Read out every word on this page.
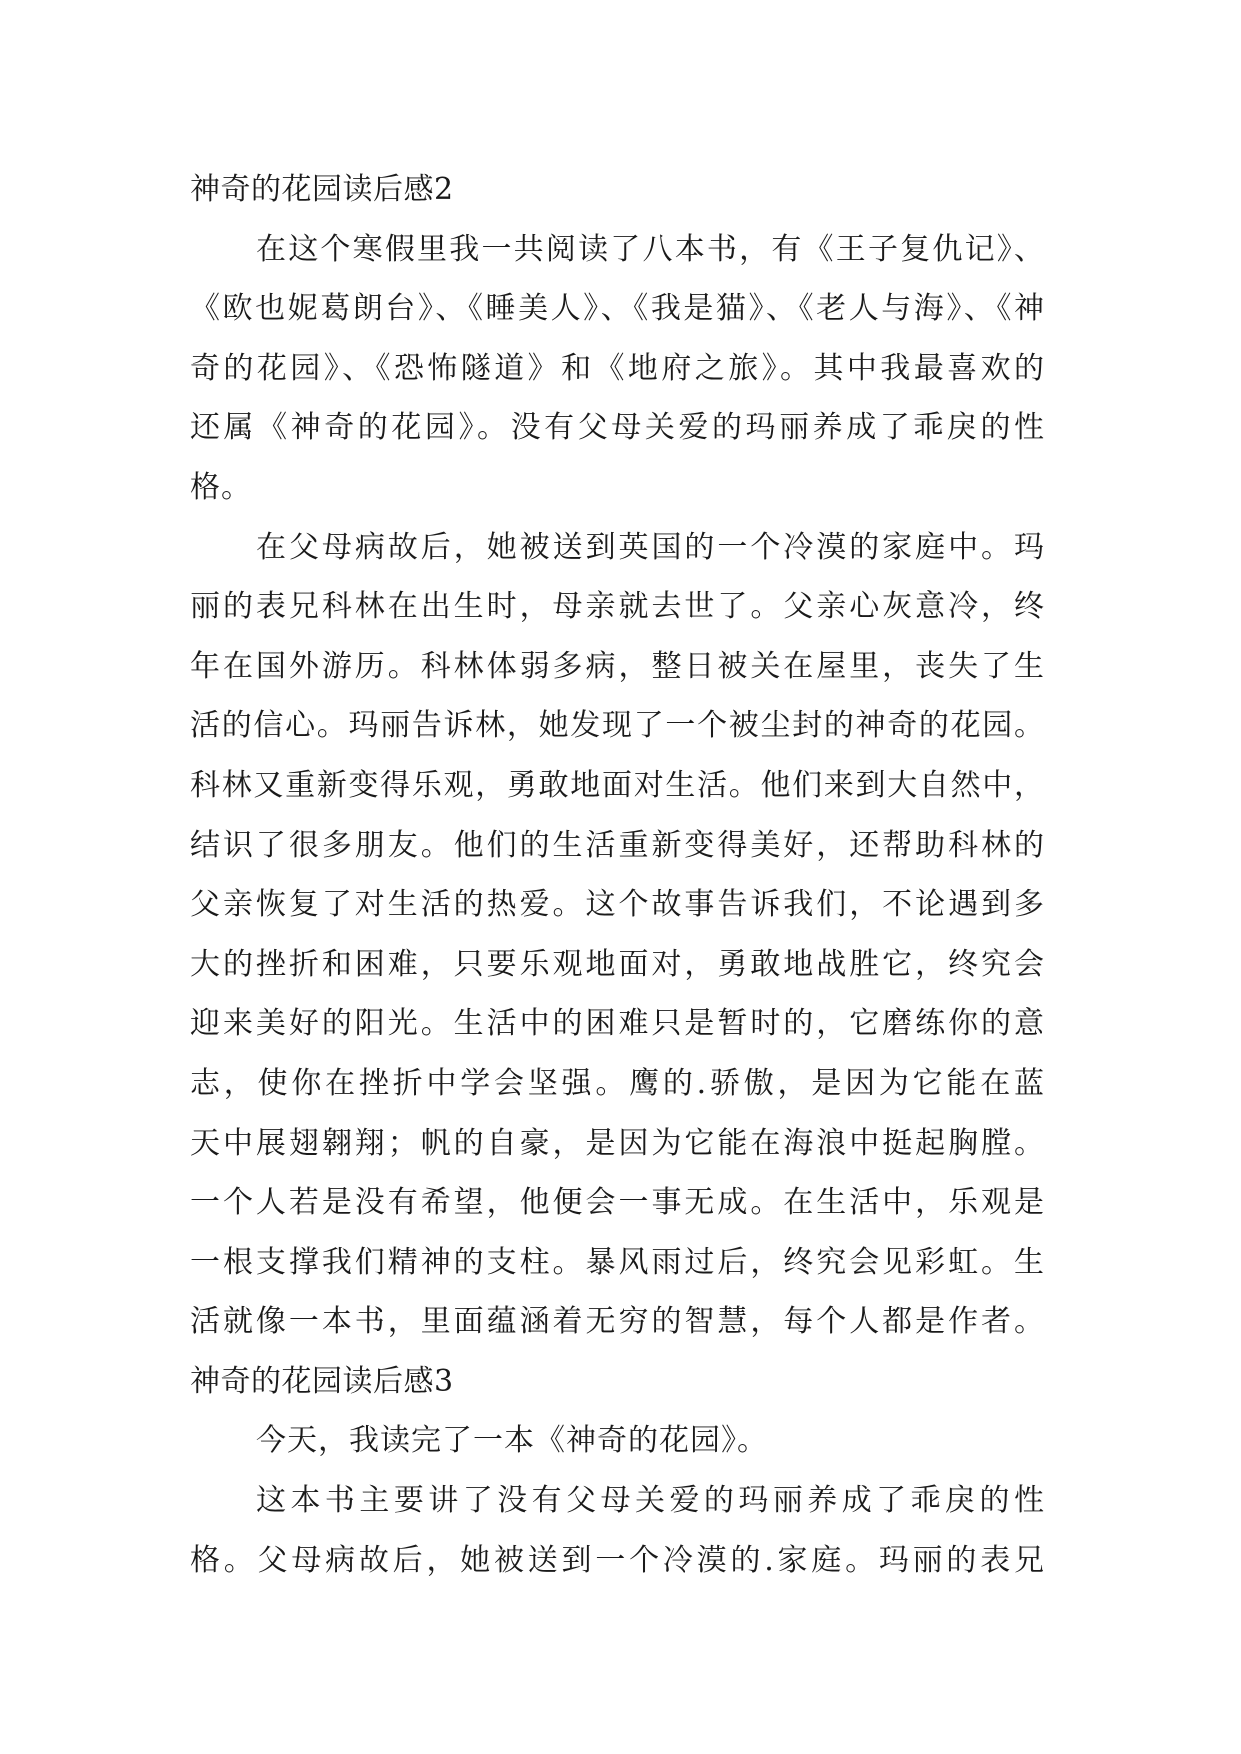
神奇的花园读后感2
在这个寒假里我一共阅读了八本书，有《王子复仇记》、
《欧也妮葛朗台》、《睡美人》、《我是猫》、《老人与海》、《神
奇的花园》、《恐怖隧道》和《地府之旅》。其中我最喜欢的
还属《神奇的花园》。没有父母关爱的玛丽养成了乖戾的性
格。
在父母病故后，她被送到英国的一个冷漠的家庭中。玛
丽的表兄科林在出生时，母亲就去世了。父亲心灰意冷，终
年在国外游历。科林体弱多病，整日被关在屋里，丧失了生
活的信心。玛丽告诉林，她发现了一个被尘封的神奇的花园。
科林又重新变得乐观，勇敢地面对生活。他们来到大自然中，
结识了很多朋友。他们的生活重新变得美好，还帮助科林的
父亲恢复了对生活的热爱。这个故事告诉我们，不论遇到多
大的挫折和困难，只要乐观地面对，勇敢地战胜它，终究会
迎来美好的阳光。生活中的困难只是暂时的，它磨练你的意
志，使你在挫折中学会坚强。鹰的.骄傲，是因为它能在蓝
天中展翅翱翔；帆的自豪，是因为它能在海浪中挺起胸膛。
一个人若是没有希望，他便会一事无成。在生活中，乐观是
一根支撑我们精神的支柱。暴风雨过后，终究会见彩虹。生
活就像一本书，里面蕴涵着无穷的智慧，每个人都是作者。
神奇的花园读后感3
今天，我读完了一本《神奇的花园》。
这本书主要讲了没有父母关爱的玛丽养成了乖戾的性
格。父母病故后，她被送到一个冷漠的.家庭。玛丽的表兄
